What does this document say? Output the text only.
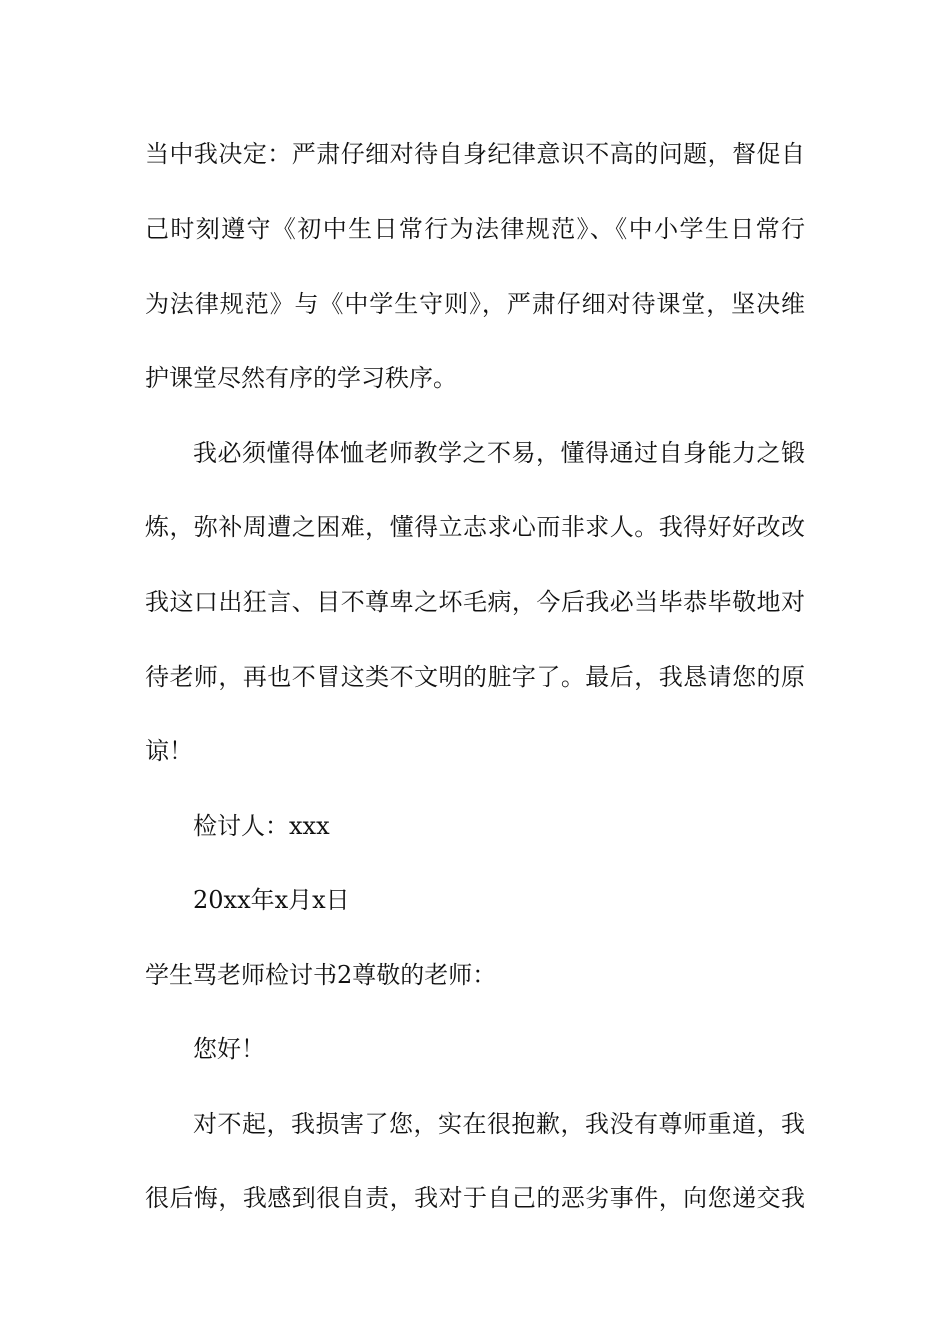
当中我决定：严肃仔细对待自身纪律意识不高的问题，督促自
己时刻遵守《初中生日常行为法律规范》、《中小学生日常行
为法律规范》与《中学生守则》，严肃仔细对待课堂，坚决维
护课堂尽然有序的学习秩序。
我必须懂得体恤老师教学之不易，懂得通过自身能力之锻
炼，弥补周遭之困难，懂得立志求心而非求人。我得好好改改
我这口出狂言、目不尊卑之坏毛病，今后我必当毕恭毕敬地对
待老师，再也不冒这类不文明的脏字了。最后，我恳请您的原
谅！
检讨人：xxx
20xx年x月x日
学生骂老师检讨书2尊敬的老师：
您好！
对不起，我损害了您，实在很抱歉，我没有尊师重道，我
很后悔，我感到很自责，我对于自己的恶劣事件，向您递交我
